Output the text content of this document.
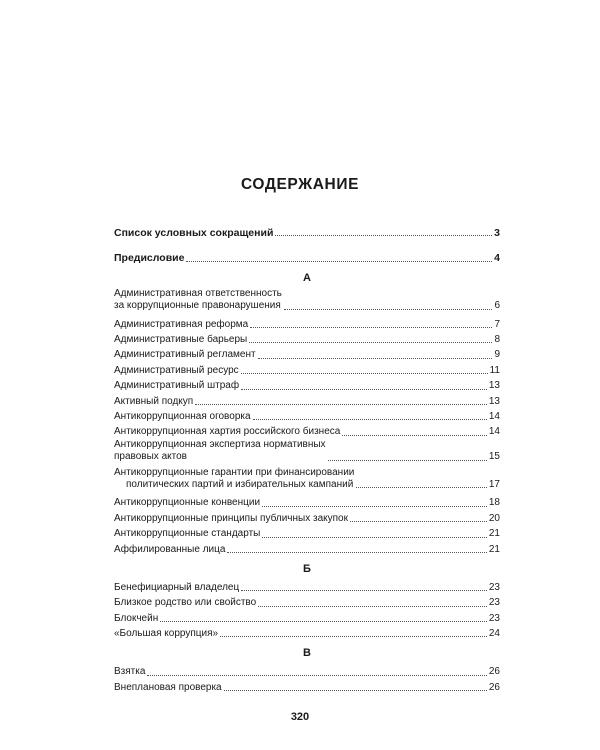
СОДЕРЖАНИЕ
Список условных сокращений	3
Предисловие	4
А
Административная ответственность
за коррупционные правонарушения	6
Административная реформа	7
Административные барьеры	8
Административный регламент	9
Административный ресурс	11
Административный штраф	13
Активный подкуп	13
Антикоррупционная оговорка	14
Антикоррупционная хартия российского бизнеса	14
Антикоррупционная экспертиза нормативных
правовых актов	15
Антикоррупционные гарантии при финансировании
политических партий и избирательных кампаний	17
Антикоррупционные конвенции	18
Антикоррупционные принципы публичных закупок	20
Антикоррупционные стандарты	21
Аффилированные лица	21
Б
Бенефициарный владелец	23
Близкое родство или свойство	23
Блокчейн	23
«Большая коррупция»	24
В
Взятка	26
Внеплановая проверка	26
320
